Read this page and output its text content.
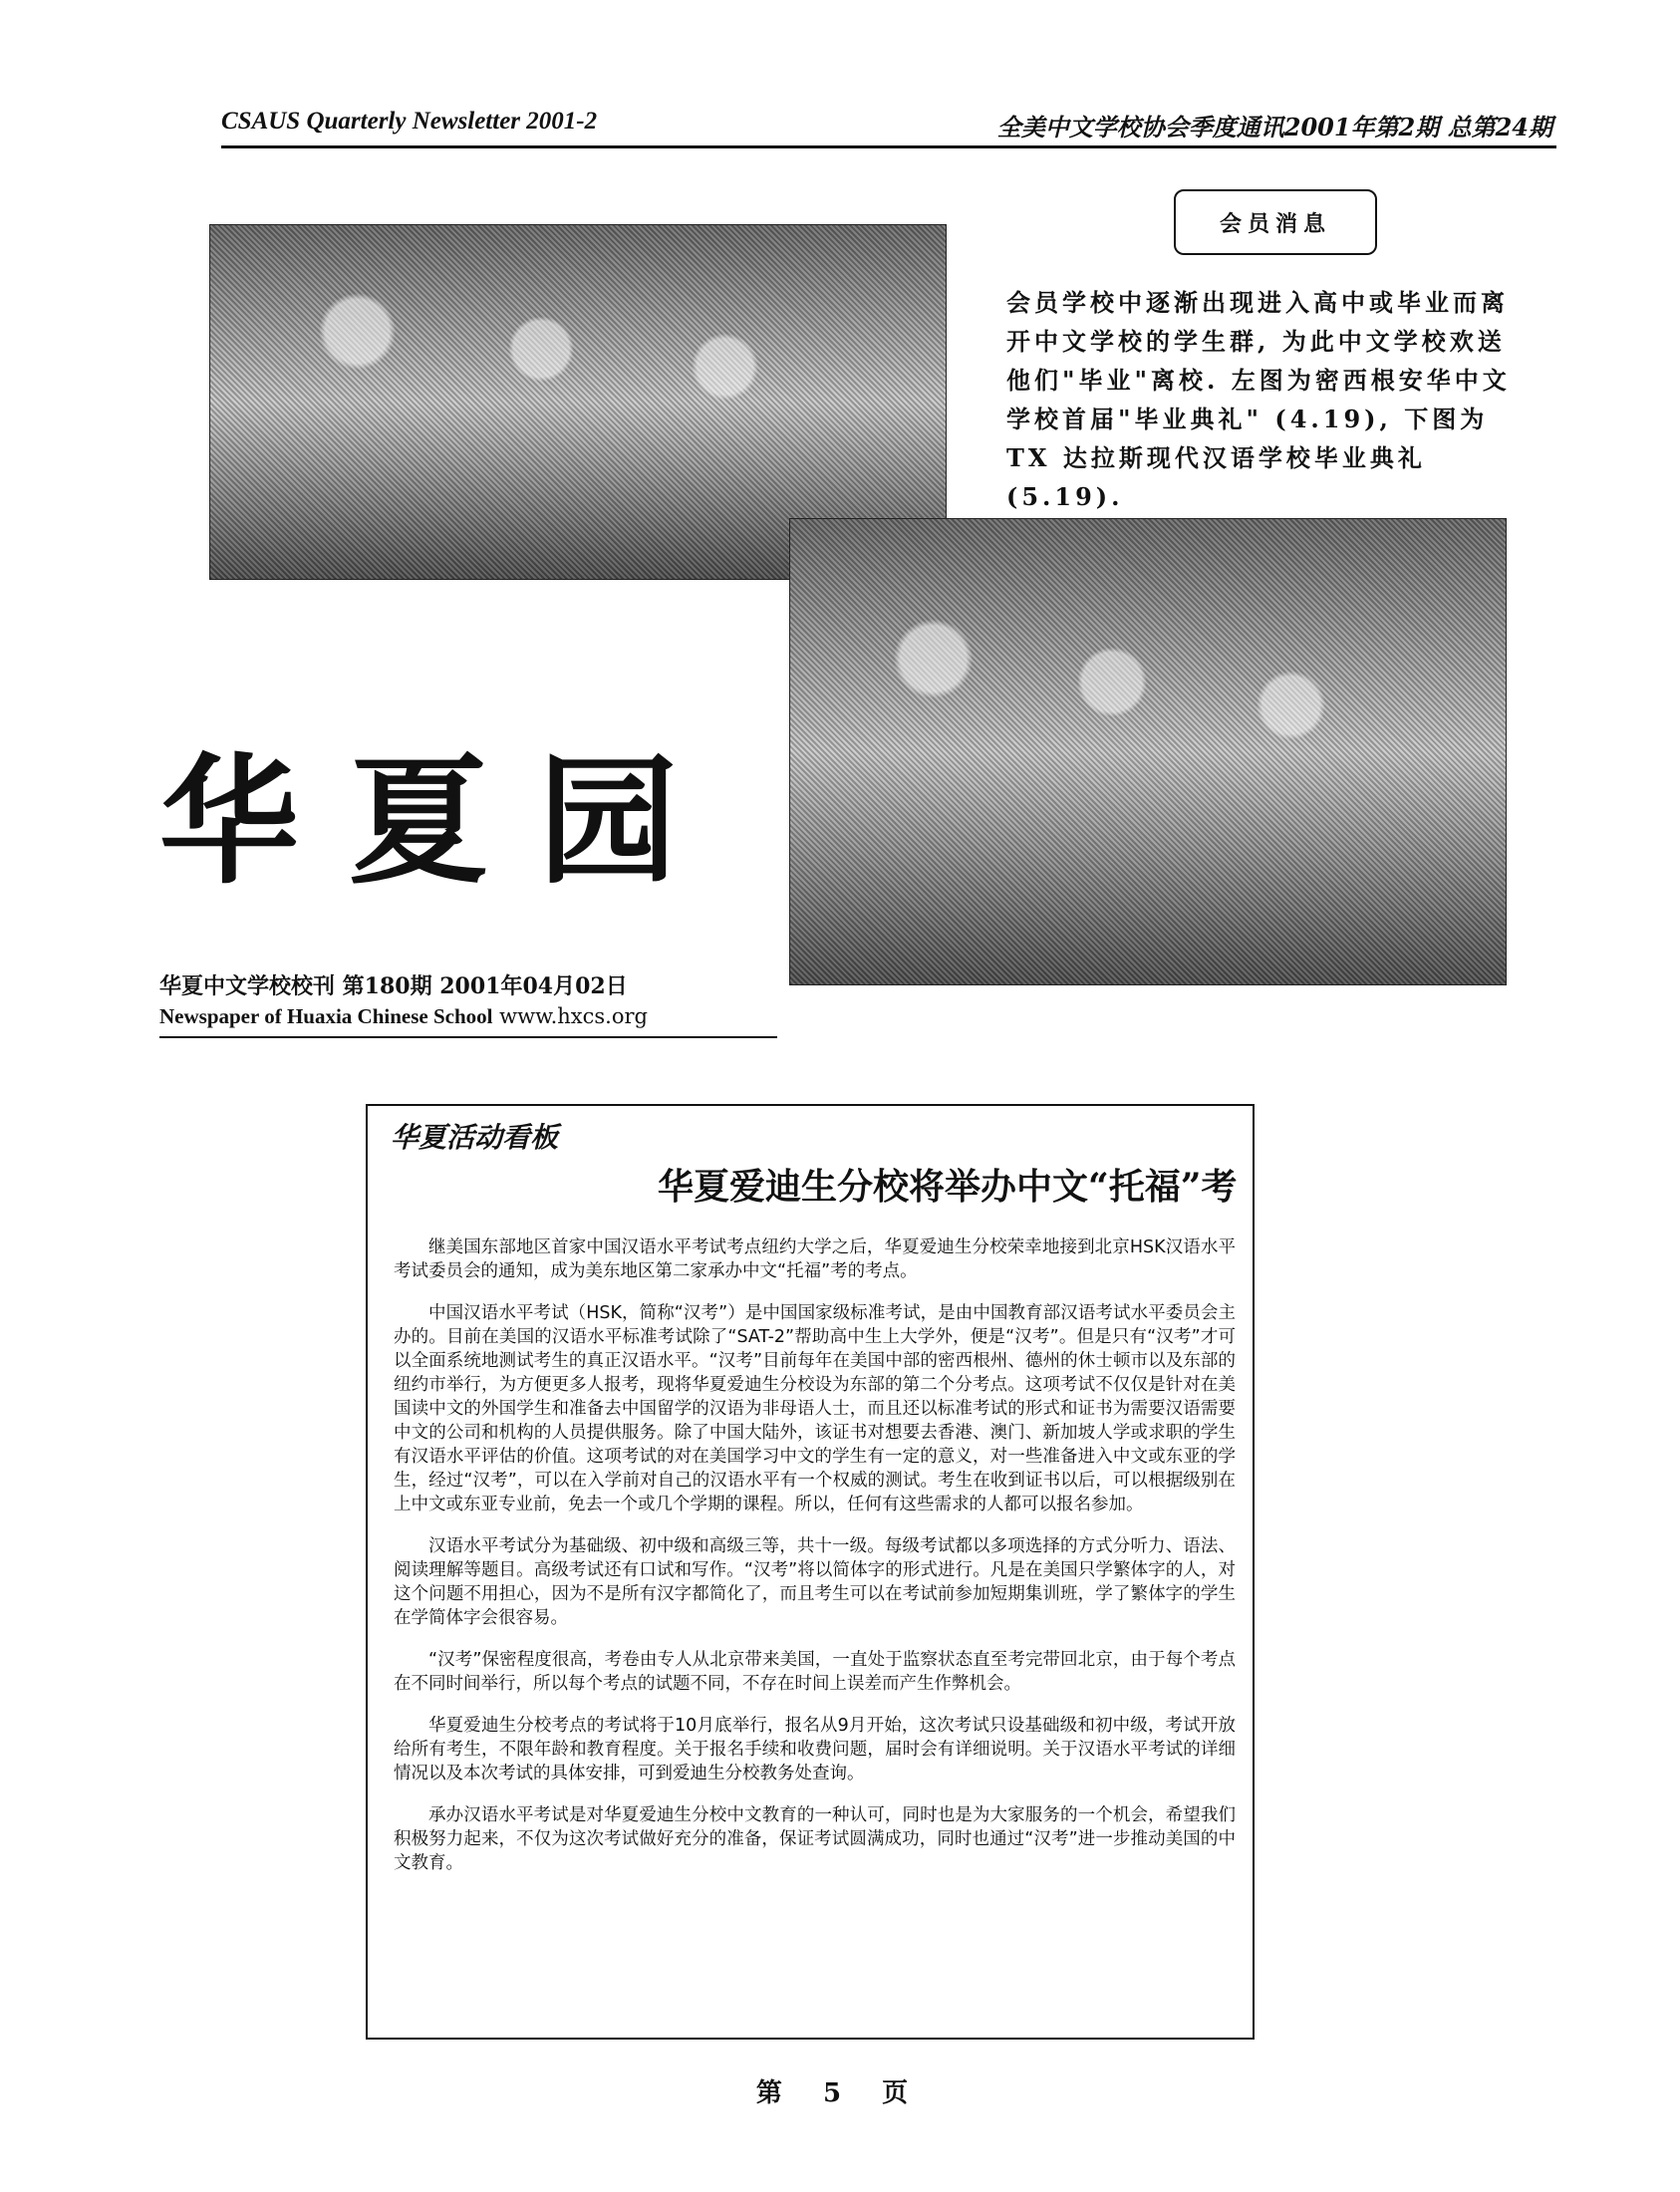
CSAUS Quarterly Newsletter 2001-2	全美中文学校协会季度通讯2001年第2期 总第24期
会员消息
会员学校中逐渐出现进入高中或毕业而离开中文学校的学生群, 为此中文学校欢送他们"毕业"离校. 左图为密西根安华中文学校首届"毕业典礼" (4.19), 下图为 TX 达拉斯现代汉语学校毕业典礼 (5.19).
华夏园
华夏中文学校校刊 第180期 2001年04月02日
Newspaper of Huaxia Chinese School www.hxcs.org
华夏活动看板
华夏爱迪生分校将举办中文“托福”考

继美国东部地区首家中国汉语水平考试考点纽约大学之后，华夏爱迪生分校荣幸地接到北京HSK汉语水平考试委员会的通知，成为美东地区第二家承办中文“托福”考的考点。

中国汉语水平考试（HSK，简称“汉考”）是中国国家级标准考试，是由中国教育部汉语考试水平委员会主办的。目前在美国的汉语水平标准考试除了“SAT-2”帮助高中生上大学外，便是“汉考”。但是只有“汉考”才可以全面系统地测试考生的真正汉语水平。“汉考”目前每年在美国中部的密西根州、德州的休士顿市以及东部的纽约市举行，为方便更多人报考，现将华夏爱迪生分校设为东部的第二个分考点。这项考试不仅仅是针对在美国读中文的外国学生和准备去中国留学的汉语为非母语人士，而且还以标准考试的形式和证书为需要汉语需要中文的公司和机构的人员提供服务。除了中国大陆外，该证书对想要去香港、澳门、新加坡人学或求职的学生有汉语水平评估的价值。这项考试的对在美国学习中文的学生有一定的意义，对一些准备进入中文或东亚的学生，经过“汉考”，可以在入学前对自己的汉语水平有一个权威的测试。考生在收到证书以后，可以根据级别在上中文或东亚专业前，免去一个或几个学期的课程。所以，任何有这些需求的人都可以报名参加。

汉语水平考试分为基础级、初中级和高级三等，共十一级。每级考试都以多项选择的方式分听力、语法、阅读理解等题目。高级考试还有口试和写作。“汉考”将以简体字的形式进行。凡是在美国只学繁体字的人，对这个问题不用担心，因为不是所有汉字都简化了，而且考生可以在考试前参加短期集训班，学了繁体字的学生在学简体字会很容易。

“汉考”保密程度很高，考卷由专人从北京带来美国，一直处于监察状态直至考完带回北京，由于每个考点在不同时间举行，所以每个考点的试题不同，不存在时间上误差而产生作弊机会。

华夏爱迪生分校考点的考试将于10月底举行，报名从9月开始，这次考试只设基础级和初中级，考试开放给所有考生，不限年龄和教育程度。关于报名手续和收费问题，届时会有详细说明。关于汉语水平考试的详细情况以及本次考试的具体安排，可到爱迪生分校教务处查询。

承办汉语水平考试是对华夏爱迪生分校中文教育的一种认可，同时也是为大家服务的一个机会，希望我们积极努力起来，不仅为这次考试做好充分的准备，保证考试圆满成功，同时也通过“汉考”进一步推动美国的中文教育。

第 5 页
